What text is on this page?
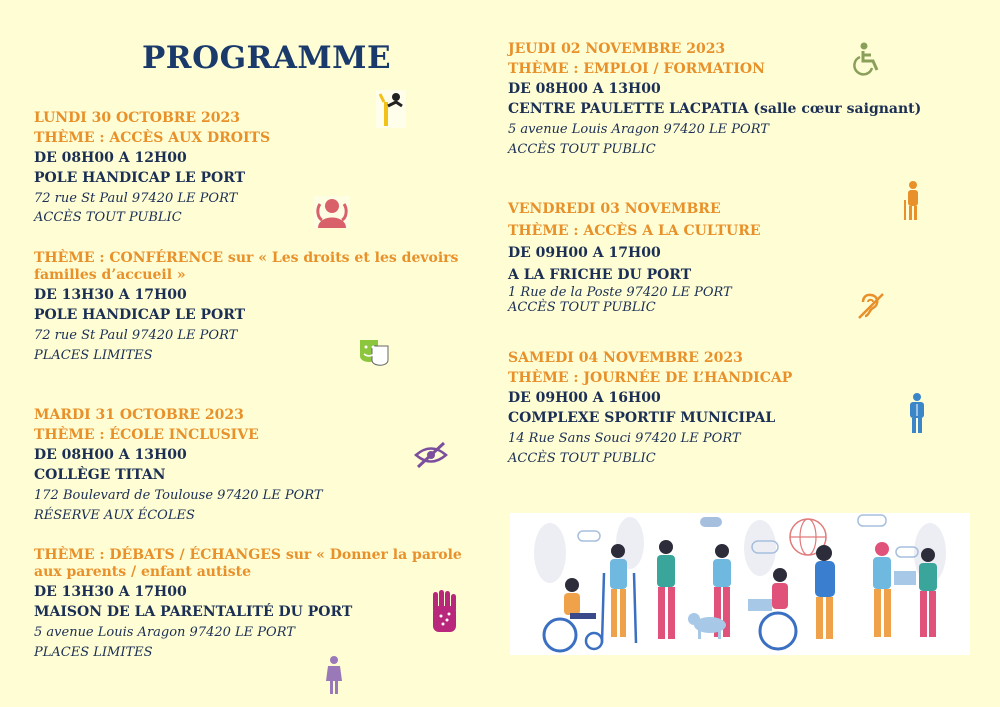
PROGRAMME
LUNDI 30 OCTOBRE 2023
THÈME : ACCÈS AUX DROITS
DE 08H00 A 12H00
POLE HANDICAP LE PORT
72 rue St Paul 97420 LE PORT
ACCÈS TOUT PUBLIC
THÈME : CONFÉRENCE sur « Les droits et les devoirs familles d’accueil »
DE 13H30 A 17H00
POLE HANDICAP LE PORT
72 rue St Paul 97420 LE PORT
PLACES LIMITES
MARDI 31 OCTOBRE 2023
THÈME : ÉCOLE INCLUSIVE
DE 08H00 A 13H00
COLLÈGE TITAN
172 Boulevard de Toulouse 97420 LE PORT
RÉSERVE AUX ÉCOLES
THÈME : DÉBATS / ÉCHANGES sur « Donner la parole aux parents / enfant autiste
DE 13H30 A 17H00
MAISON DE LA PARENTALITÉ DU PORT
5 avenue Louis Aragon 97420 LE PORT
PLACES LIMITES
JEUDI 02 NOVEMBRE 2023
THÈME : EMPLOI / FORMATION
DE 08H00 A 13H00
CENTRE PAULETTE LACPATIA (salle cœur saignant)
5 avenue Louis Aragon 97420 LE PORT
ACCÈS TOUT PUBLIC
VENDREDI 03 NOVEMBRE
THÈME : ACCÈS A LA CULTURE
DE 09H00 A 17H00
A LA FRICHE DU PORT
1 Rue de la Poste 97420 LE PORT
ACCÈS TOUT PUBLIC
SAMEDI 04 NOVEMBRE 2023
THÈME : JOURNÉE DE L’HANDICAP
DE 09H00 A 16H00
COMPLEXE SPORTIF MUNICIPAL
14 Rue Sans Souci 97420 LE PORT
ACCÈS TOUT PUBLIC
